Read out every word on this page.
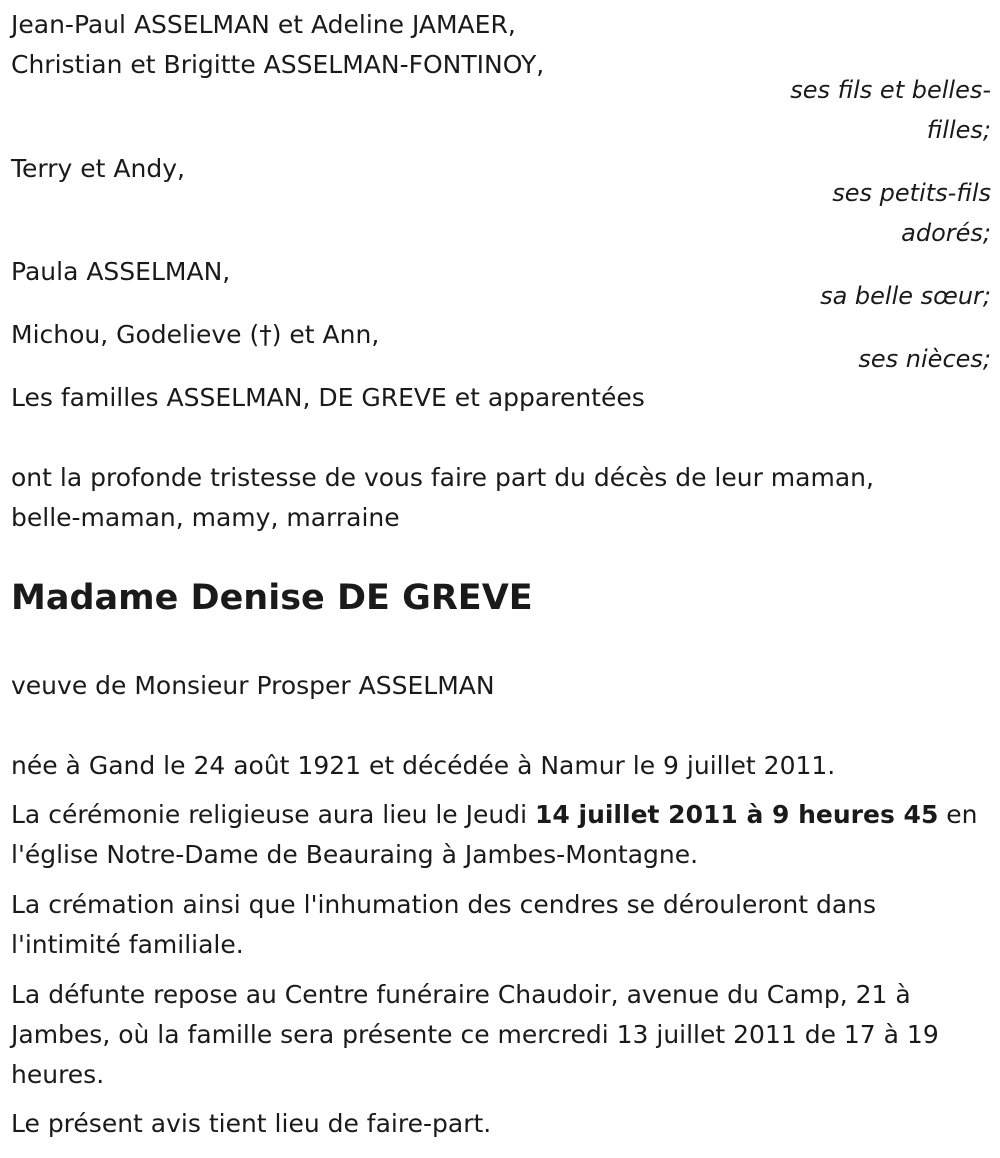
Jean-Paul ASSELMAN et Adeline JAMAER,
Christian et Brigitte ASSELMAN-FONTINOY,
ses fils et belles-
filles;
Terry et Andy,
ses petits-fils
adorés;
Paula ASSELMAN,
sa belle sœur;
Michou, Godelieve (†) et Ann,
ses nièces;
Les familles ASSELMAN, DE GREVE et apparentées
ont la profonde tristesse de vous faire part du décès de leur maman,
belle-maman, mamy, marraine
Madame Denise DE GREVE
veuve de Monsieur Prosper ASSELMAN
née à Gand le 24 août 1921 et décédée à Namur le 9 juillet 2011.
La cérémonie religieuse aura lieu le Jeudi 14 juillet 2011 à 9 heures 45 en l'église Notre-Dame de Beauraing à Jambes-Montagne.
La crémation ainsi que l'inhumation des cendres se dérouleront dans l'intimité familiale.
La défunte repose au Centre funéraire Chaudoir, avenue du Camp, 21 à Jambes, où la famille sera présente ce mercredi 13 juillet 2011 de 17 à 19 heures.
Le présent avis tient lieu de faire-part.
